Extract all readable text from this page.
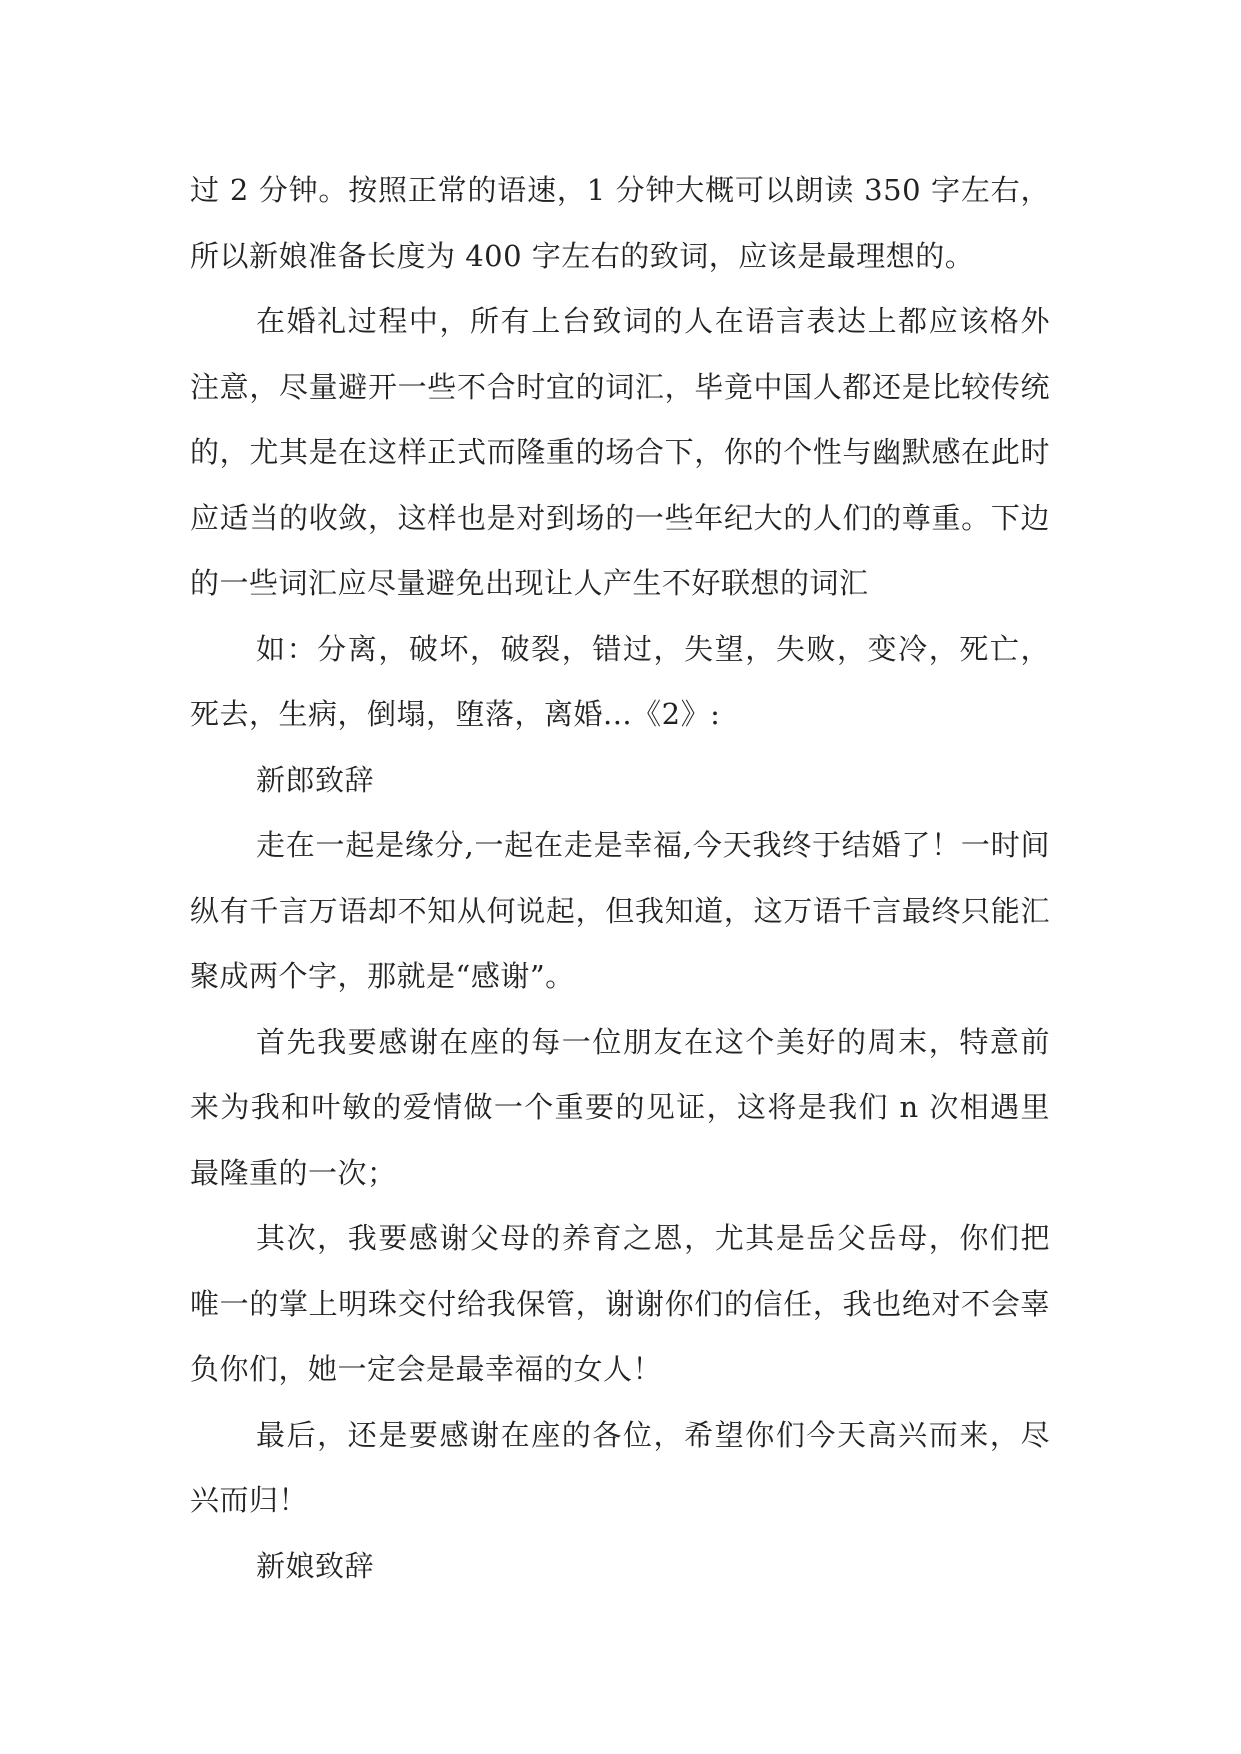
过 2 分钟。按照正常的语速，1 分钟大概可以朗读 350 字左右，所以新娘准备长度为 400 字左右的致词，应该是最理想的。

在婚礼过程中，所有上台致词的人在语言表达上都应该格外注意，尽量避开一些不合时宜的词汇，毕竟中国人都还是比较传统的，尤其是在这样正式而隆重的场合下，你的个性与幽默感在此时应适当的收敛，这样也是对到场的一些年纪大的人们的尊重。下边的一些词汇应尽量避免出现让人产生不好联想的词汇

如：分离，破坏，破裂，错过，失望，失败，变冷，死亡，死去，生病，倒塌，堕落，离婚...《2》:

新郎致辞

走在一起是缘分,一起在走是幸福,今天我终于结婚了！一时间纵有千言万语却不知从何说起，但我知道，这万语千言最终只能汇聚成两个字，那就是“感谢”。

首先我要感谢在座的每一位朋友在这个美好的周末，特意前来为我和叶敏的爱情做一个重要的见证，这将是我们 n 次相遇里最隆重的一次；

其次，我要感谢父母的养育之恩，尤其是岳父岳母，你们把唯一的掌上明珠交付给我保管，谢谢你们的信任，我也绝对不会辜负你们，她一定会是最幸福的女人！

最后，还是要感谢在座的各位，希望你们今天高兴而来，尽兴而归！

新娘致辞
